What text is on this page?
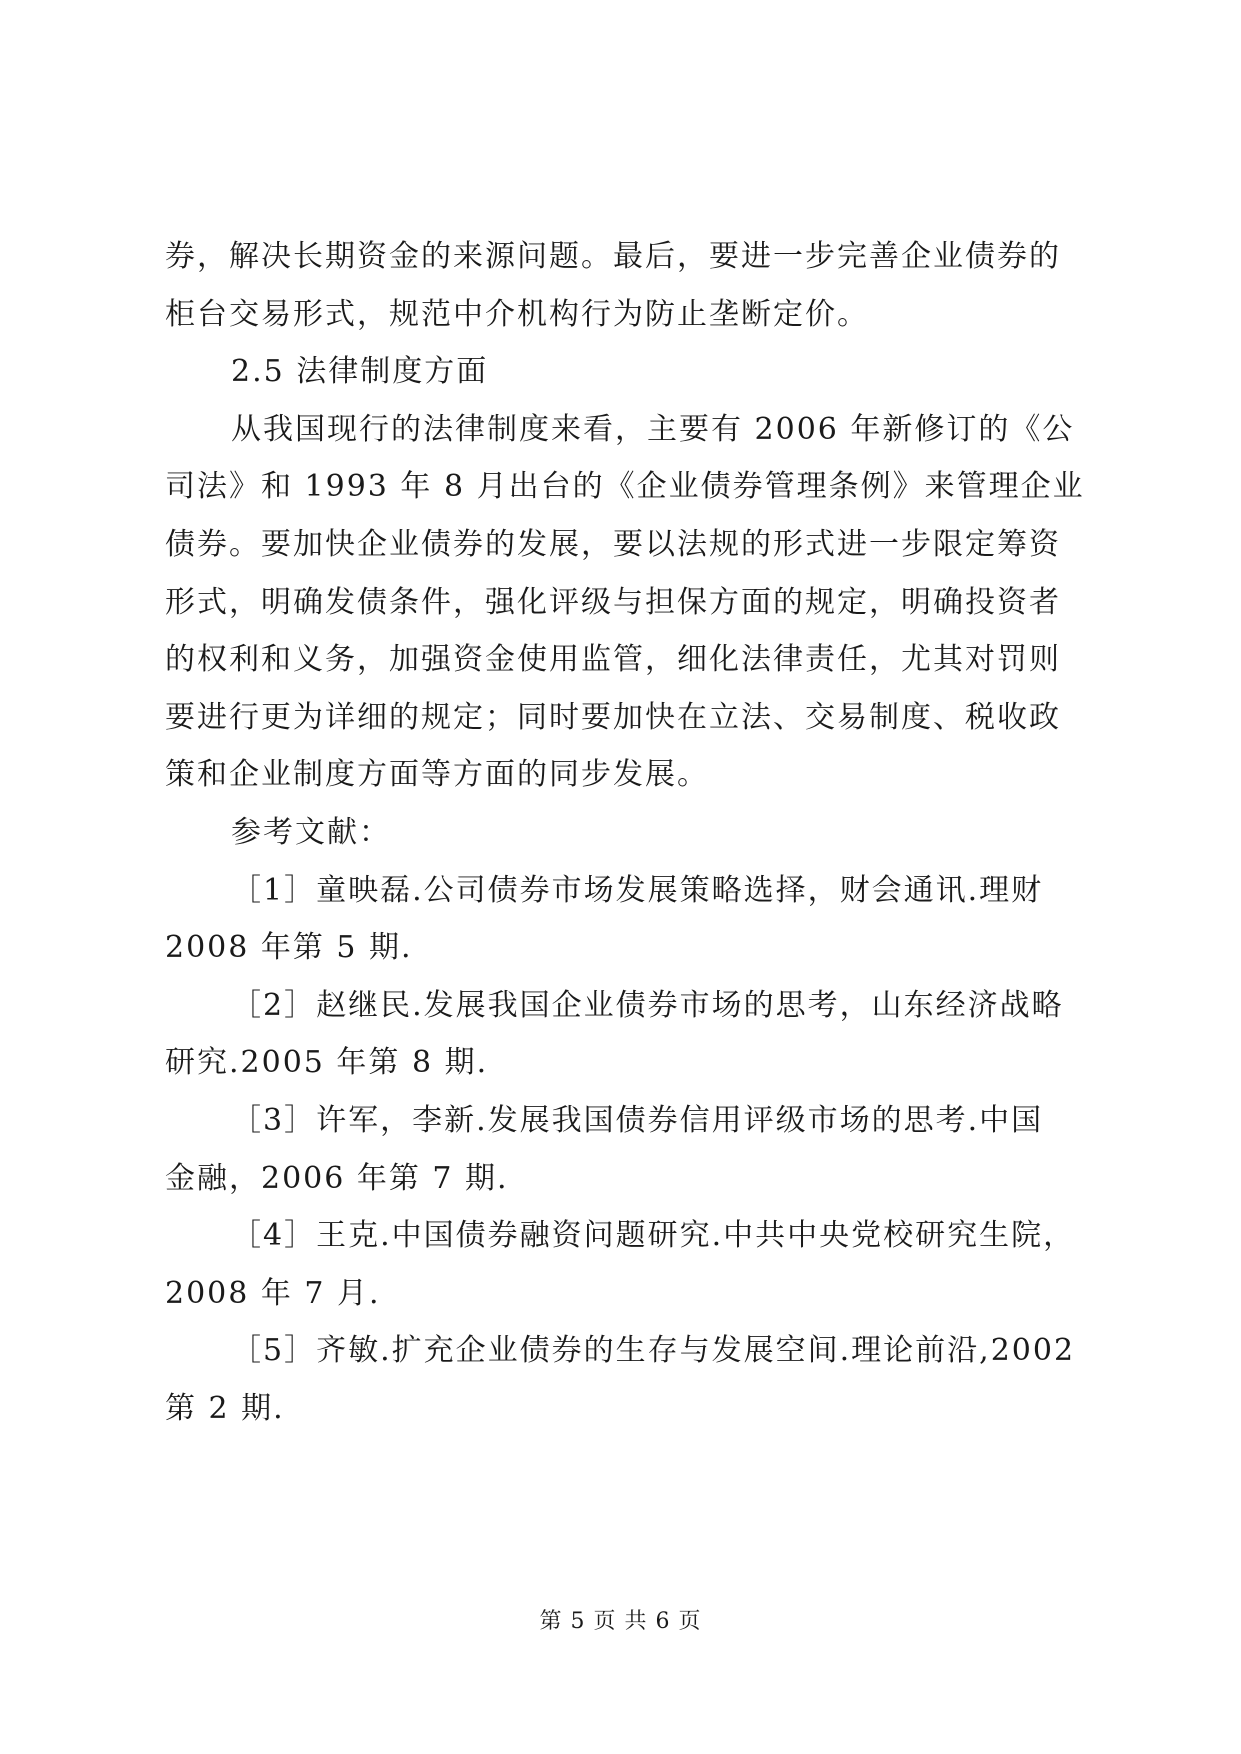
券，解决长期资金的来源问题。最后，要进一步完善企业债券的
柜台交易形式，规范中介机构行为防止垄断定价。
2.5 法律制度方面
从我国现行的法律制度来看，主要有 2006 年新修订的《公
司法》和 1993 年 8 月出台的《企业债券管理条例》来管理企业
债券。要加快企业债券的发展，要以法规的形式进一步限定筹资
形式，明确发债条件，强化评级与担保方面的规定，明确投资者
的权利和义务，加强资金使用监管，细化法律责任，尤其对罚则
要进行更为详细的规定；同时要加快在立法、交易制度、税收政
策和企业制度方面等方面的同步发展。
参考文献：
［1］童映磊.公司债券市场发展策略选择，财会通讯.理财
2008 年第 5 期.
［2］赵继民.发展我国企业债券市场的思考，山东经济战略
研究.2005 年第 8 期.
［3］许军，李新.发展我国债券信用评级市场的思考.中国
金融，2006 年第 7 期.
［4］王克.中国债券融资问题研究.中共中央党校研究生院，
2008 年 7 月.
［5］齐敏.扩充企业债券的生存与发展空间.理论前沿,2002
第 2 期.
第 5 页 共 6 页
